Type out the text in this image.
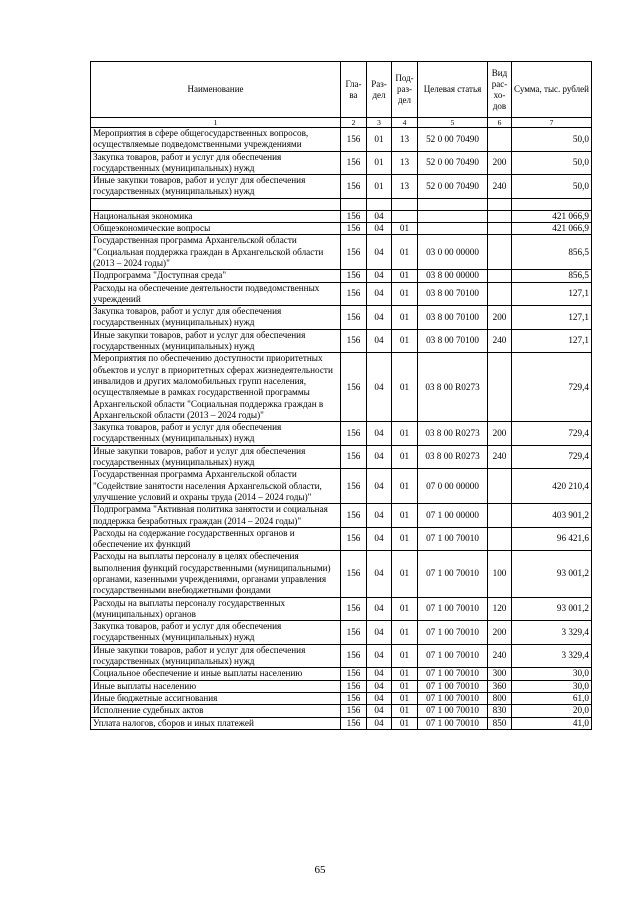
Наименование	Гла-ва	Раз-дел	Под-раз-дел	Целевая статья	Вид рас-хо-дов	Сумма, тыс. рублей
1	2	3	4	5	6	7
Мероприятия в сфере общегосударственных вопросов, осуществляемые подведомственными учреждениями	156	01	13	52 0 00 70490		50,0
Закупка товаров, работ и услуг для обеспечения государственных (муниципальных) нужд	156	01	13	52 0 00 70490	200	50,0
Иные закупки товаров, работ и услуг для обеспечения государственных (муниципальных) нужд	156	01	13	52 0 00 70490	240	50,0

Национальная экономика	156	04				421 066,9
Общеэкономические вопросы	156	04	01			421 066,9
Государственная программа Архангельской области "Социальная поддержка граждан в Архангельской области (2013 – 2024 годы)"	156	04	01	03 0 00 00000		856,5
Подпрограмма "Доступная среда"	156	04	01	03 8 00 00000		856,5
Расходы на обеспечение деятельности подведомственных учреждений	156	04	01	03 8 00 70100		127,1
Закупка товаров, работ и услуг для обеспечения государственных (муниципальных) нужд	156	04	01	03 8 00 70100	200	127,1
Иные закупки товаров, работ и услуг для обеспечения государственных (муниципальных) нужд	156	04	01	03 8 00 70100	240	127,1
Мероприятия по обеспечению доступности приоритетных объектов и услуг в приоритетных сферах жизнедеятельности инвалидов и других маломобильных групп населения, осуществляемые в рамках государственной программы Архангельской области "Социальная поддержка граждан в Архангельской области (2013 – 2024 годы)"	156	04	01	03 8 00 R0273		729,4
Закупка товаров, работ и услуг для обеспечения государственных (муниципальных) нужд	156	04	01	03 8 00 R0273	200	729,4
Иные закупки товаров, работ и услуг для обеспечения государственных (муниципальных) нужд	156	04	01	03 8 00 R0273	240	729,4
Государственная программа Архангельской области "Содействие занятости населения Архангельской области, улучшение условий и охраны труда (2014 – 2024 годы)"	156	04	01	07 0 00 00000		420 210,4
Подпрограмма "Активная политика занятости и социальная поддержка безработных граждан (2014 – 2024 годы)"	156	04	01	07 1 00 00000		403 901,2
Расходы на содержание государственных органов и обеспечение их функций	156	04	01	07 1 00 70010		96 421,6
Расходы на выплаты персоналу в целях обеспечения выполнения функций государственными (муниципальными) органами, казенными учреждениями, органами управления государственными внебюджетными фондами	156	04	01	07 1 00 70010	100	93 001,2
Расходы на выплаты персоналу государственных (муниципальных) органов	156	04	01	07 1 00 70010	120	93 001,2
Закупка товаров, работ и услуг для обеспечения государственных (муниципальных) нужд	156	04	01	07 1 00 70010	200	3 329,4
Иные закупки товаров, работ и услуг для обеспечения государственных (муниципальных) нужд	156	04	01	07 1 00 70010	240	3 329,4
Социальное обеспечение и иные выплаты населению	156	04	01	07 1 00 70010	300	30,0
Иные выплаты населению	156	04	01	07 1 00 70010	360	30,0
Иные бюджетные ассигнования	156	04	01	07 1 00 70010	800	61,0
Исполнение судебных актов	156	04	01	07 1 00 70010	830	20,0
Уплата налогов, сборов и иных платежей	156	04	01	07 1 00 70010	850	41,0
65
